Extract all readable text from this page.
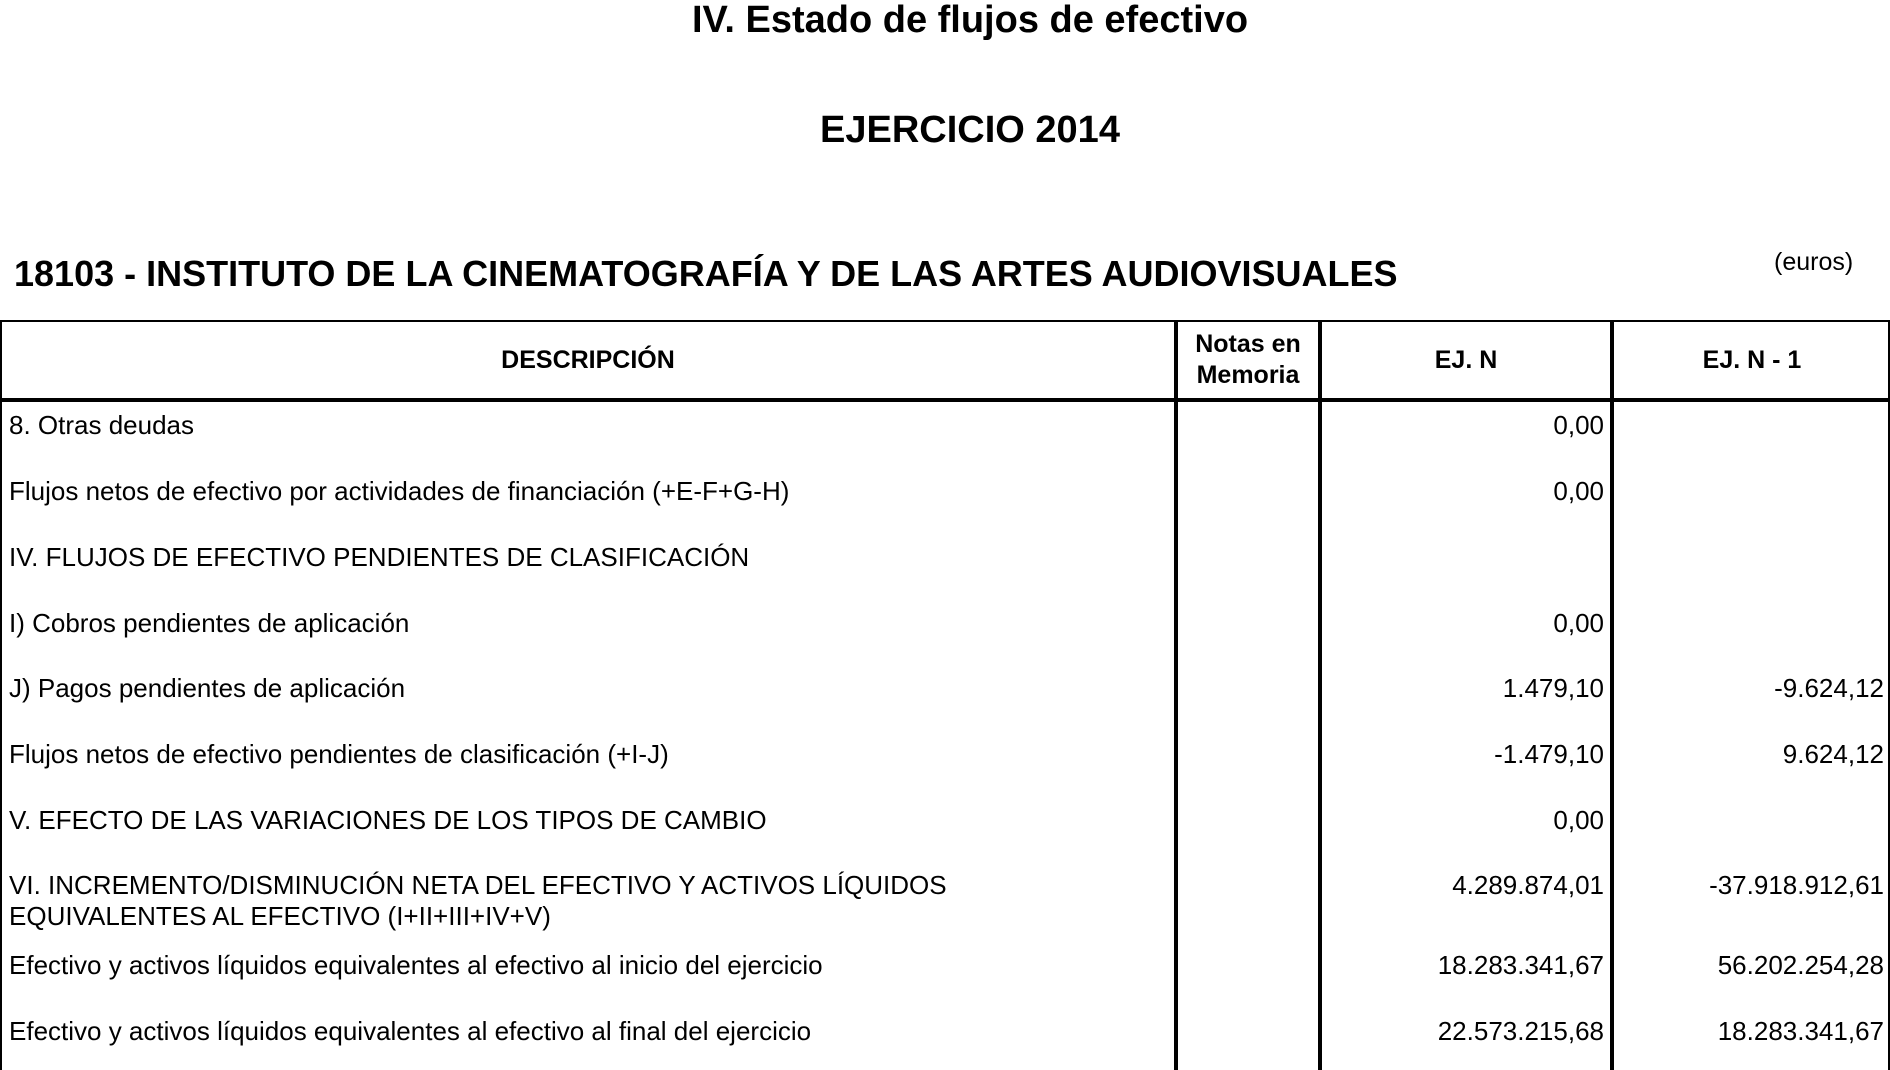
IV. Estado de flujos de efectivo
EJERCICIO 2014
18103 - INSTITUTO DE LA CINEMATOGRAFÍA Y DE LAS ARTES AUDIOVISUALES	(euros)
DESCRIPCIÓN
Notas en
Memoria
EJ. N	EJ. N - 1
8. Otras deudas	0,00
Flujos netos de efectivo por actividades de financiación (+E-F+G-H)	0,00
IV. FLUJOS DE EFECTIVO PENDIENTES DE CLASIFICACIÓN
I) Cobros pendientes de aplicación	0,00
J) Pagos pendientes de aplicación	1.479,10	-9.624,12
Flujos netos de efectivo pendientes de clasificación (+I-J)	-1.479,10	9.624,12
V. EFECTO DE LAS VARIACIONES DE LOS TIPOS DE CAMBIO	0,00
VI. INCREMENTO/DISMINUCIÓN NETA DEL EFECTIVO Y ACTIVOS LÍQUIDOS
EQUIVALENTES AL EFECTIVO (I+II+III+IV+V)
4.289.874,01	-37.918.912,61
Efectivo y activos líquidos equivalentes al efectivo al inicio del ejercicio	18.283.341,67	56.202.254,28
Efectivo y activos líquidos equivalentes al efectivo al final del ejercicio	22.573.215,68	18.283.341,67
